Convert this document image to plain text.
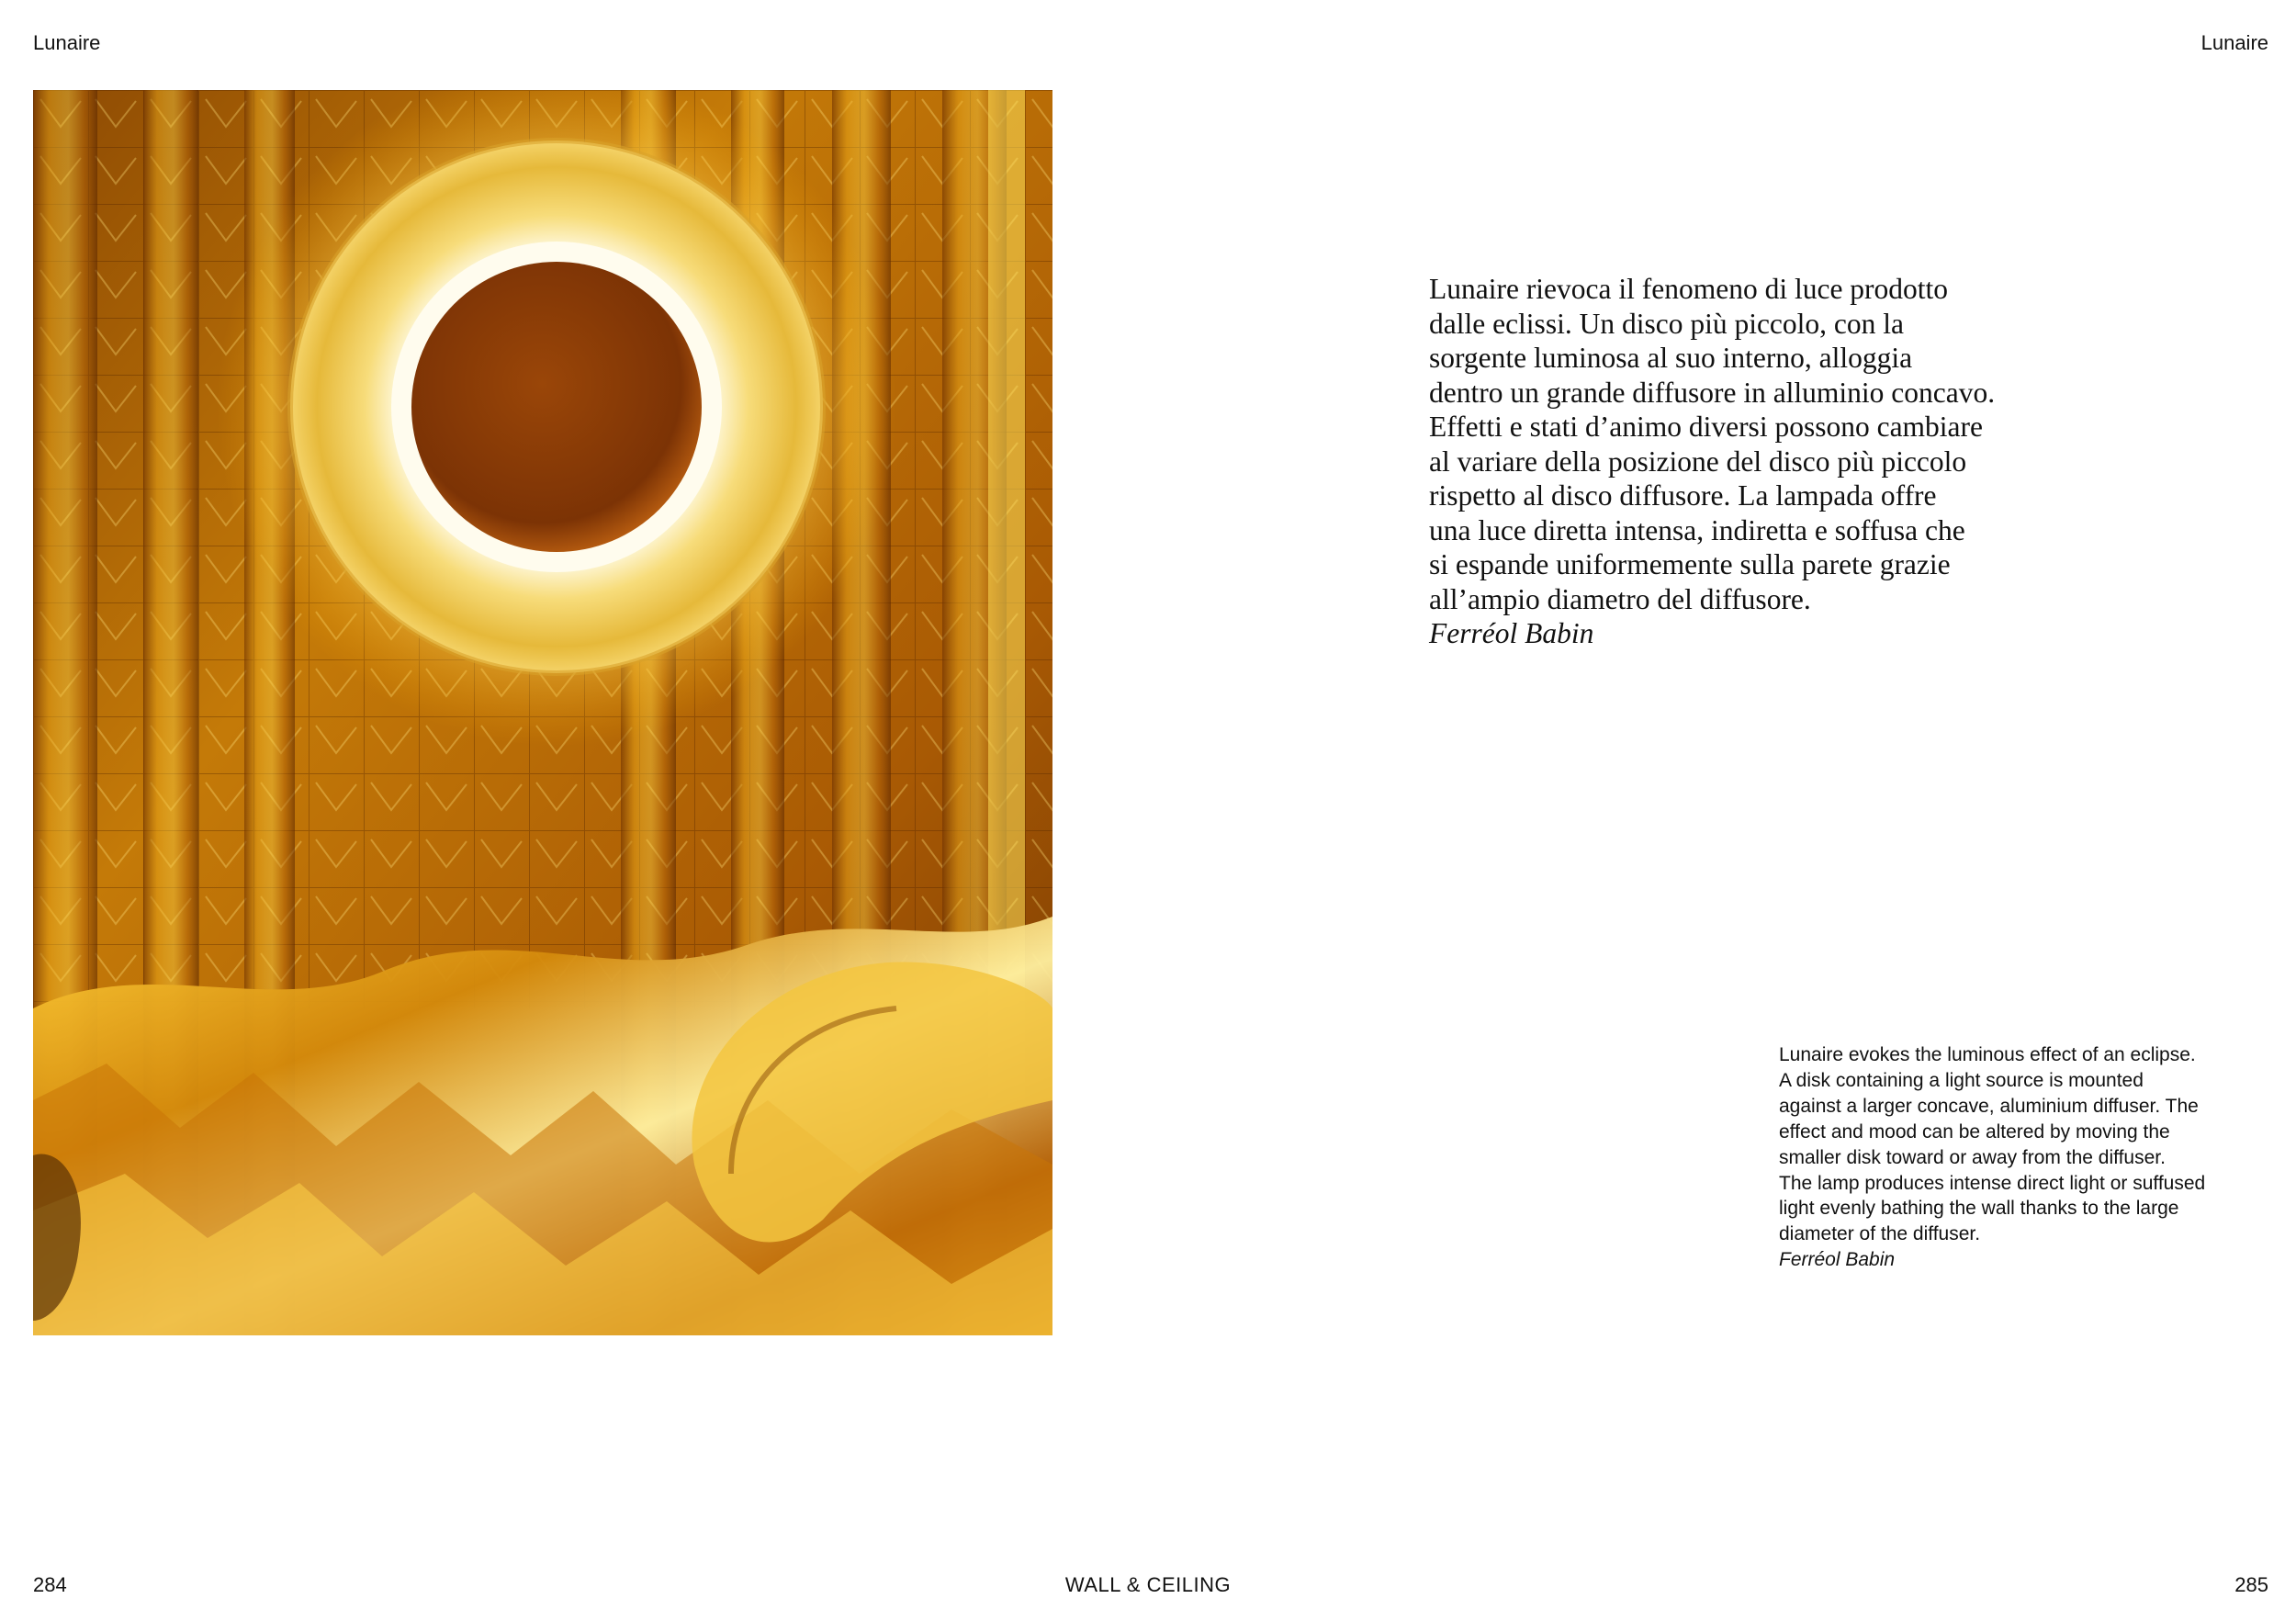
Lunaire	Lunaire
Lunaire rievoca il fenomeno di luce prodotto
dalle eclissi. Un disco più piccolo, con la
sorgente luminosa al suo interno, alloggia
dentro un grande diffusore in alluminio concavo.
Effetti e stati d’animo diversi possono cambiare
al variare della posizione del disco più piccolo
rispetto al disco diffusore. La lampada offre
una luce diretta intensa, indiretta e soffusa che
si espande uniformemente sulla parete grazie
all’ampio diametro del diffusore.
Ferréol Babin
Lunaire evokes the luminous effect of an eclipse.
A disk containing a light source is mounted
against a larger concave, aluminium diffuser. The
effect and mood can be altered by moving the
smaller disk toward or away from the diffuser.
The lamp produces intense direct light or suffused
light evenly bathing the wall thanks to the large
diameter of the diffuser.
Ferréol Babin
284	WALL & CEILING	285
